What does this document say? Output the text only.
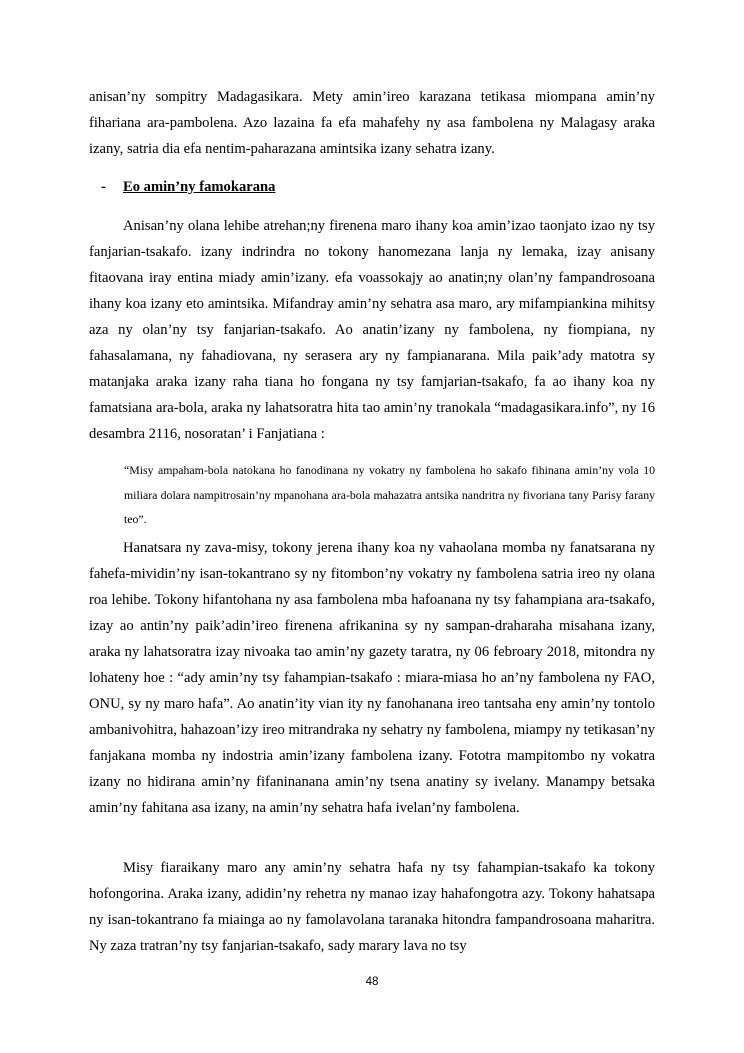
anisan’ny sompitry Madagasikara. Mety amin’ireo karazana tetikasa miompana amin’ny fihariana ara-pambolena. Azo lazaina fa efa mahafehy ny asa fambolena ny Malagasy araka izany, satria dia efa nentim-paharazana amintsika izany sehatra izany.

- Eo amin’ny famokarana

Anisan’ny olana lehibe atrehan;ny firenena maro ihany koa amin’izao taonjato izao ny tsy fanjarian-tsakafo. izany indrindra no tokony hanomezana lanja ny lemaka, izay anisany fitaovana iray entina miady amin’izany. efa voassokajy ao anatin;ny olan’ny fampandrosoana ihany koa izany eto amintsika. Mifandray amin’ny sehatra asa maro, ary mifampiankina mihitsy aza ny olan’ny tsy fanjarian-tsakafo. Ao anatin’izany ny fambolena, ny fiompiana, ny fahasalamana, ny fahadiovana, ny serasera ary ny fampianarana. Mila paik’ady matotra sy matanjaka araka izany raha tiana ho fongana ny tsy famjarian-tsakafo, fa ao ihany koa ny famatsiana ara-bola, araka ny lahatsoratra hita tao amin’ny tranokala “madagasikara.info”, ny 16 desambra 2116, nosoratan’ i Fanjatiana :

“Misy ampaham-bola natokana ho fanodinana ny vokatry ny fambolena ho sakafo fihinana amin’ny vola 10 miliara dolara nampitrosain’ny mpanohana ara-bola mahazatra antsika nandritra ny fivoriana tany Parisy farany teo”.

Hanatsara ny zava-misy, tokony jerena ihany koa ny vahaolana momba ny fanatsarana ny fahefa-mividin’ny isan-tokantrano sy ny fitombon’ny vokatry ny fambolena satria ireo ny olana roa lehibe. Tokony hifantohana ny asa fambolena mba hafoanana ny tsy fahampiana ara-tsakafo, izay ao antin’ny paik’adin’ireo firenena afrikanina sy ny sampan-draharaha misahana izany, araka ny lahatsoratra izay nivoaka tao amin’ny gazety taratra, ny 06 febroary 2018, mitondra ny lohateny hoe : “ady amin’ny tsy fahampian-tsakafo : miara-miasa ho an’ny fambolena ny FAO, ONU, sy ny maro hafa”. Ao anatin’ity vian ity ny fanohanana ireo tantsaha eny amin’ny tontolo ambanivohitra, hahazoan’izy ireo mitrandraka ny sehatry ny fambolena, miampy ny tetikasan’ny fanjakana momba ny indostria amin’izany fambolena izany. Fototra mampitombo ny vokatra izany no hidirana amin’ny fifaninanana amin’ny tsena anatiny sy ivelany. Manampy betsaka amin’ny fahitana asa izany, na amin’ny sehatra hafa ivelan’ny fambolena.

Misy fiaraikany maro any amin’ny sehatra hafa ny tsy fahampian-tsakafo ka tokony hofongorina. Araka izany, adidin’ny rehetra ny manao izay hahafongotra azy. Tokony hahatsapa ny isan-tokantrano fa miainga ao ny famolavolana taranaka hitondra fampandrosoana maharitra. Ny zaza tratran’ny tsy fanjarian-tsakafo, sady marary lava no tsy

48
